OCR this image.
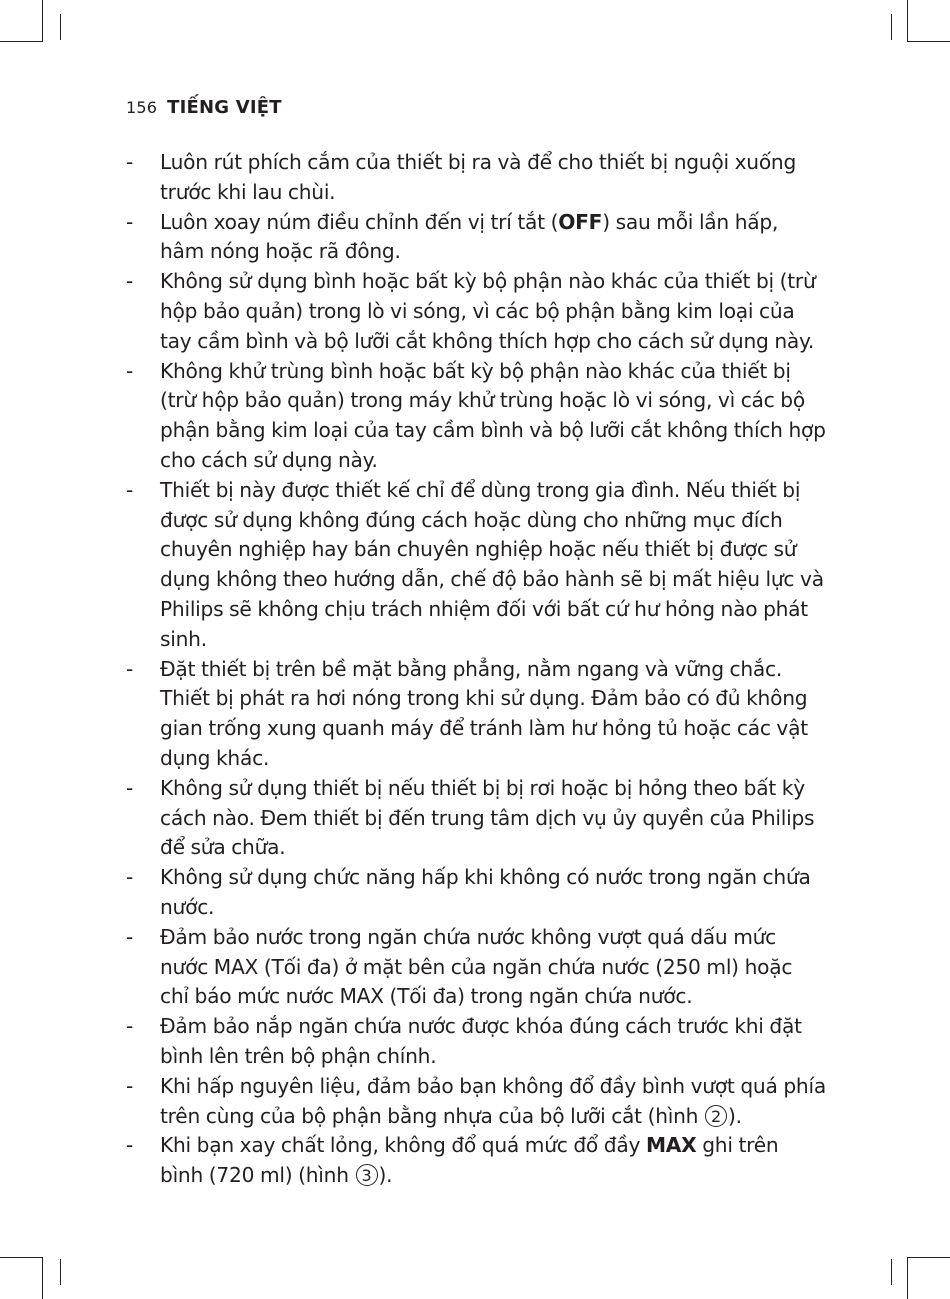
156 TIẾNG VIỆT
- Luôn rút phích cắm của thiết bị ra và để cho thiết bị nguội xuống trước khi lau chùi.
- Luôn xoay núm điều chỉnh đến vị trí tắt (OFF) sau mỗi lần hấp, hâm nóng hoặc rã đông.
- Không sử dụng bình hoặc bất kỳ bộ phận nào khác của thiết bị (trừ hộp bảo quản) trong lò vi sóng, vì các bộ phận bằng kim loại của tay cầm bình và bộ lưỡi cắt không thích hợp cho cách sử dụng này.
- Không khử trùng bình hoặc bất kỳ bộ phận nào khác của thiết bị (trừ hộp bảo quản) trong máy khử trùng hoặc lò vi sóng, vì các bộ phận bằng kim loại của tay cầm bình và bộ lưỡi cắt không thích hợp cho cách sử dụng này.
- Thiết bị này được thiết kế chỉ để dùng trong gia đình. Nếu thiết bị được sử dụng không đúng cách hoặc dùng cho những mục đích chuyên nghiệp hay bán chuyên nghiệp hoặc nếu thiết bị được sử dụng không theo hướng dẫn, chế độ bảo hành sẽ bị mất hiệu lực và Philips sẽ không chịu trách nhiệm đối với bất cứ hư hỏng nào phát sinh.
- Đặt thiết bị trên bề mặt bằng phẳng, nằm ngang và vững chắc. Thiết bị phát ra hơi nóng trong khi sử dụng. Đảm bảo có đủ không gian trống xung quanh máy để tránh làm hư hỏng tủ hoặc các vật dụng khác.
- Không sử dụng thiết bị nếu thiết bị bị rơi hoặc bị hỏng theo bất kỳ cách nào. Đem thiết bị đến trung tâm dịch vụ ủy quyền của Philips để sửa chữa.
- Không sử dụng chức năng hấp khi không có nước trong ngăn chứa nước.
- Đảm bảo nước trong ngăn chứa nước không vượt quá dấu mức nước MAX (Tối đa) ở mặt bên của ngăn chứa nước (250 ml) hoặc chỉ báo mức nước MAX (Tối đa) trong ngăn chứa nước.
- Đảm bảo nắp ngăn chứa nước được khóa đúng cách trước khi đặt bình lên trên bộ phận chính.
- Khi hấp nguyên liệu, đảm bảo bạn không đổ đầy bình vượt quá phía trên cùng của bộ phận bằng nhựa của bộ lưỡi cắt (hình 2 ).
- Khi bạn xay chất lỏng, không đổ quá mức đổ đầy MAX ghi trên bình (720 ml) (hình 3 ).
